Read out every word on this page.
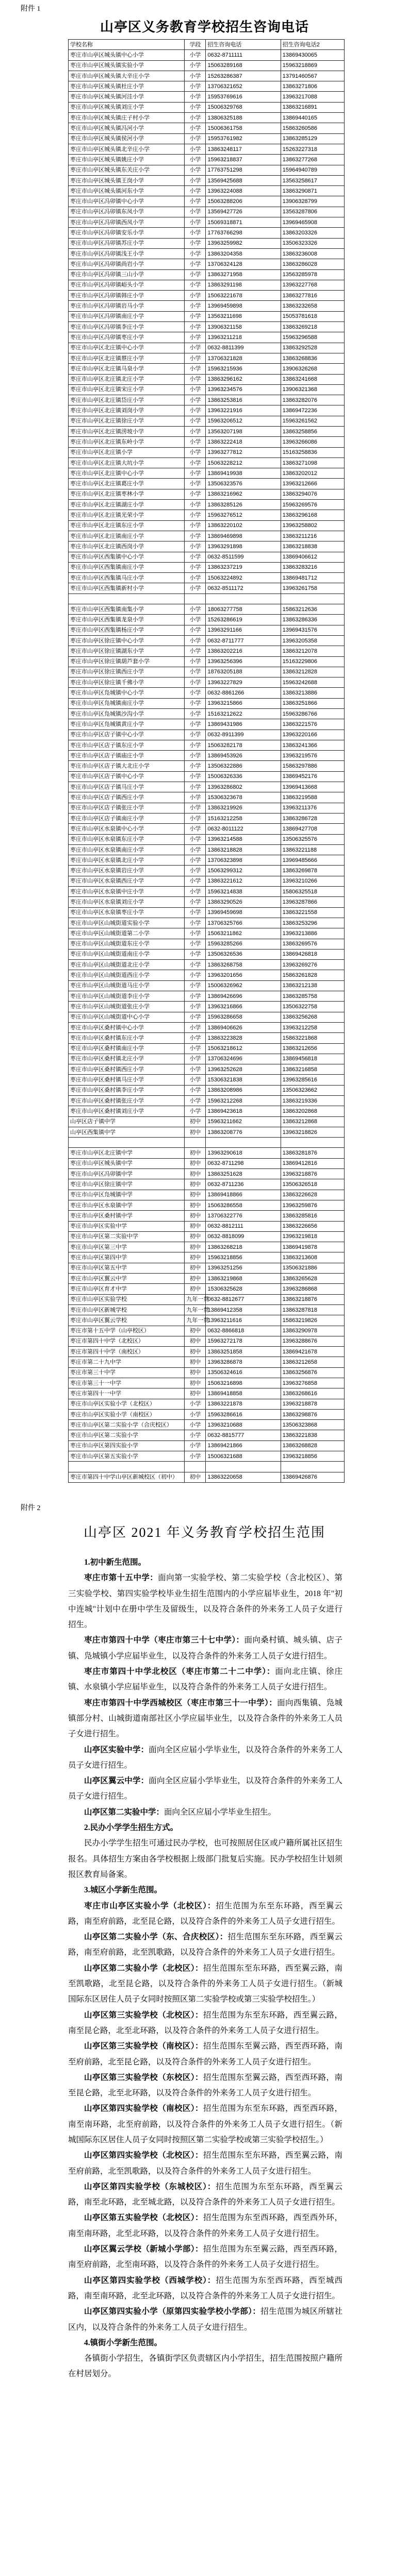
附件 1
山亭区义务教育学校招生咨询电话
学校名称	学段	招生咨询电话	招生咨询电话2
枣庄市山亭区城头镇中心小学	小学	0632-8711111	13869430065
枣庄市山亭区城头镇实验小学	小学	15063289168	15963218869
枣庄市山亭区城头镇大辛庄小学	小学	15263286387	13791460567
枣庄市山亭区城头镇杜庄小学	小学	13706321652	13863271806
枣庄市山亭区城头镇河洼小学	小学	15953769616	13963217088
枣庄市山亭区城头镇刘庄小学	小学	15006329768	13863216891
枣庄市山亭区城头镇庄子村小学	小学	13806325188	13869440165
枣庄市山亭区城头镇冯河小学	小学	15006361758	15863260586
枣庄市山亭区城头镇侯河小学	小学	15953761982	13863285129
枣庄市山亭区城头镇北辛庄小学	小学	13863248117	15263227318
枣庄市山亭区城头镇姚庄小学	小学	15963218837	13863277268
枣庄市山亭区城头镇东关庄小学	小学	17763751298	15964940789
枣庄市山亭区城头镇王岗小学	小学	13569425688	13563258617
枣庄市山亭区城头镇河东小学	小学	13963224088	13863290871
枣庄市山亭区冯卯镇中心小学	小学	15063288206	13906328799
枣庄市山亭区冯卯镇东凤小学	小学	13569427726	13563287806
枣庄市山亭区冯卯镇西凤小学	小学	15069318871	13969465908
枣庄市山亭区冯卯镇安乐小学	小学	17763766298	13863203326
枣庄市山亭区冯卯镇苏庄小学	小学	13963259982	13506323326
枣庄市山亭区冯卯镇浅王小学	小学	13863204358	13863236008
枣庄市山亭区冯卯镇尚岩小学	小学	13706324128	13863286028
枣庄市山亭区冯卯镇三山小学	小学	13863271958	13563285978
枣庄市山亭区冯卯镇峪头小学	小学	13863291198	13963227768
枣庄市山亭区冯卯镇韩庄小学	小学	15063221678	13863277816
枣庄市山亭区冯卯镇岩马小学	小学	13969459898	13863232658
枣庄市山亭区冯卯镇南庄小学	小学	13563211698	15053781618
枣庄市山亭区冯卯镇李庄小学	小学	13906321158	13863269218
枣庄市山亭区冯卯镇枣庄小学	小学	13963211218	15963296588
枣庄市山亭区北庄镇中心小学	小学	0632-8811399	13863292528
枣庄市山亭区北庄镇蔡庄小学	小学	13706321828	13863268836
枣庄市山亭区北庄镇马泉小学	小学	15963215936	13906326268
枣庄市山亭区北庄镇北庄小学	小学	13863296162	13863241668
枣庄市山亭区北庄镇宋庄小学	小学	13963234576	13906321368
枣庄市山亭区北庄镇岱庄小学	小学	13863253816	13863282076
枣庄市山亭区北庄镇刘岗小学	小学	13963221916	13869472236
枣庄市山亭区北庄镇徐庄小学	小学	15963206512	15963261562
枣庄市山亭区北庄镇涝坡小学	小学	13563207198	13863258856
枣庄市山亭区北庄镇东岭小学	小学	13863222418	13963266086
枣庄市山亭区北庄镇小学	小学	13963277812	15163258836
枣庄市山亭区北庄镇大坑小学	小学	15063228212	13863271098
枣庄市山亭区北庄镇中心小学	小学	13869419938	13863202012
枣庄市山亭区北庄镇葛庄小学	小学	13506323576	13963212666
枣庄市山亭区北庄镇枣林小学	小学	13863216962	13863294076
枣庄市山亭区北庄镇湖庄小学	小学	13863285126	15963269576
枣庄市山亭区北庄镇光荣小学	小学	15963276512	13863296168
枣庄市山亭区北庄镇东庄小学	小学	13863220102	13963258802
枣庄市山亭区北庄镇南庄小学	小学	13869469898	13863211216
枣庄市山亭区北庄镇西岗小学	小学	13963291898	13863218838
枣庄市山亭区西集镇中心小学	小学	0632-8511599	13869406612
枣庄市山亭区西集镇南庄小学	小学	13863237219	13863283216
枣庄市山亭区西集镇马庄小学	小学	15063224892	13869481712
枣庄市山亭区西集镇新村小学	小学	0632-8511172	13963261758

枣庄市山亭区西集镇南集小学	小学	18063277758	15863212636
枣庄市山亭区西集镇龙泉小学	小学	15263286619	13863286336
枣庄市山亭区西集镇杨庄小学	小学	13963291166	13969431576
枣庄市山亭区徐庄镇中心小学	小学	0632-8711777	13963205358
枣庄市山亭区徐庄镇湖东小学	小学	13863202216	13863212078
枣庄市山亭区徐庄镇葫芦套小学	小学	13963256396	15163229806
枣庄市山亭区徐庄镇西庄小学	小学	18763205188	13863212828
枣庄市山亭区徐庄镇千佛小学	小学	13963227829	15963242688
枣庄市山亭区凫城镇中心小学	小学	0632-8861266	13863213886
枣庄市山亭区凫城镇南庄小学	小学	13963215866	13863251866
枣庄市山亭区凫城镇沙沟小学	小学	15163212622	15963286766
枣庄市山亭区凫城镇黄庄小学	小学	13869431986	13863221576
枣庄市山亭区店子镇中心小学	小学	0632-8911399	13963220166
枣庄市山亭区店子镇东庄小学	小学	15063282178	13863241366
枣庄市山亭区店子镇庙庄小学	小学	13869453926	13963219576
枣庄市山亭区店子镇大北庄小学	小学	13506322886	15863297886
枣庄市山亭区店子镇中心小学	小学	15006326336	13869452176
枣庄市山亭区店子镇马庄小学	小学	13963286802	13969413668
枣庄市山亭区店子镇西庄小学	小学	15306323678	13863219588
枣庄市山亭区店子镇张庄小学	小学	13863219926	13963211376
枣庄市山亭区店子镇南庄小学	小学	15163212258	13863286728
枣庄市山亭区水泉镇中心小学	小学	0632-8011122	13869427708
枣庄市山亭区水泉镇东庄小学	小学	13963214588	13506325576
枣庄市山亭区水泉镇南庄小学	小学	13863218828	13863221188
枣庄市山亭区水泉镇北庄小学	小学	13706323898	13969485666
枣庄市山亭区水泉镇岩庄小学	小学	15063299312	13863269878
枣庄市山亭区水泉镇西庄小学	小学	13863221612	13963210266
枣庄市山亭区水泉镇中庄小学	小学	15963214838	15806325518
枣庄市山亭区水泉镇刘庄小学	小学	13863290526	13963287866
枣庄市山亭区水泉镇枣庄小学	小学	13969459698	13863221558
枣庄市山亭区山城街道实验小学	小学	13706325766	13863253296
枣庄市山亭区山城街道第二小学	小学	15063211862	13963213886
枣庄市山亭区山城街道东庄小学	小学	15963285266	13863269576
枣庄市山亭区山城街道南庄小学	小学	13506326536	13869426818
枣庄市山亭区山城街道北庄小学	小学	13863268758	13963269276
枣庄市山亭区山城街道西庄小学	小学	13963201656	15863261828
枣庄市山亭区山城街道马庄小学	小学	15006326962	13863212138
枣庄市山亭区山城街道李庄小学	小学	13869426696	13863285758
枣庄市山亭区山城街道张庄小学	小学	13963216866	13506322758
枣庄市山亭区山城街道中心小学	小学	15963286658	13863256268
枣庄市山亭区桑村镇中心小学	小学	13869406626	13963212258
枣庄市山亭区桑村镇东庄小学	小学	13863223828	15863221868
枣庄市山亭区桑村镇南庄小学	小学	15063218612	13863212656
枣庄市山亭区桑村镇北庄小学	小学	13706324696	13869456818
枣庄市山亭区桑村镇西庄小学	小学	13963252628	13863216858
枣庄市山亭区桑村镇马庄小学	小学	15306321838	13963285616
枣庄市山亭区桑村镇李庄小学	小学	13863208986	13506323662
枣庄市山亭区桑村镇张庄小学	小学	15963212268	13863219336
枣庄市山亭区桑村镇刘庄小学	小学	13869423618	13863202868
山亭区店子镇中学	初中	15963211662	13863212868
山亭区西集镇中学	初中	13863208776	13963218826

枣庄市山亭区北庄镇中学	初中	13963290618	13863281876
枣庄市山亭区城头镇中学	初中	0632-8711298	13869412816
枣庄市山亭区冯卯镇中学	初中	13863251628	13963218876
枣庄市山亭区徐庄镇中学	初中	0632-8711236	13506326518
枣庄市山亭区凫城镇中学	初中	13869418866	13863226628
枣庄市山亭区水泉镇中学	初中	15063286558	13963259876
枣庄市山亭区桑村镇中学	初中	13706322776	13863285816
枣庄市山亭区实验中学	初中	0632-8812111	13863226656
枣庄市山亭区第二实验中学	初中	0632-8818099	13963219818
枣庄市山亭区第三中学	初中	13863268218	13869419878
枣庄市山亭区第四中学	初中	15963218856	13863213608
枣庄市山亭区第五中学	初中	13963251256	13506321886
枣庄市山亭区翼云中学	初中	13863219868	13863265628
枣庄市山亭区育才中学	初中	15306325628	13963286868
枣庄市山亭区实验学校	九年一贯	0632-8812677	13863218876
枣庄市山亭区新城学校	九年一贯	13869412358	13863287818
枣庄市山亭区翼云学校	九年一贯	13963211616	15863219826
枣庄市第十五中学（山亭校区）	初中	0632-8866818	13863290978
枣庄市第四十中学（北校区）	初中	15963272178	13963288676
枣庄市第四十中学（南校区）	初中	13863251858	13869421678
枣庄市第二十九中学	初中	13963286878	13863212658
枣庄市第三十中学	初中	13506324616	13863256876
枣庄市第三十一中学	初中	15063216898	13963276858
枣庄市第四十一中学	初中	13869418858	13863268616
枣庄市山亭区实验小学（北校区）	小学	13863221878	13963218878
枣庄市山亭区实验小学（南校区）	小学	15963286616	13863298876
枣庄市山亭区第二实验小学（合庆校区）	小学	13963210688	13506323868
枣庄市山亭区第二实验小学	小学	0632-8815777	13863221838
枣庄市山亭区第四实验小学	小学	13869421866	13863268828
枣庄市山亭区第五实验小学	小学	15006321688	13963218856

枣庄市第四十中学山亭区新城校区（初中）	初中	13863220658	13869426876
附件 2
山亭区 2021 年义务教育学校招生范围

1.初中新生范围。

枣庄市第十五中学：面向第一实验学校、第二实验学校（含北校区）、第三实验学校、第四实验学校毕业生招生范围内的小学应届毕业生，2018 年"初中连城"计划中在册中学生及留级生，以及符合条件的外来务工人员子女进行招生。

枣庄市第四十中学（枣庄市第三十七中学）：面向桑村镇、城头镇、店子镇、凫城镇小学应届毕业生，以及符合条件的外来务工人员子女进行招生。

枣庄市第四十中学北校区（枣庄市第二十二中学）：面向北庄镇、徐庄镇、水泉镇小学应届毕业生，以及符合条件的外来务工人员子女进行招生。

枣庄市第四十中学西城校区（枣庄市第三十一中学）：面向西集镇、凫城镇部分村、山城街道南部社区小学应届毕业生，以及符合条件的外来务工人员子女进行招生。

山亭区实验中学：面向全区应届小学毕业生，以及符合条件的外来务工人员子女进行招生。

山亭区翼云中学：面向全区应届小学毕业生，以及符合条件的外来务工人员子女进行招生。

山亭区第二实验中学：面向全区应届小学毕业生招生。

2.民办小学学生招生方式。

民办小学学生招生可通过民办学校，也可按照居住区或户籍所属社区招生报名。具体招生方案由各学校根据上级部门批复后实施。民办学校招生计划须报区教育局备案。

3.城区小学新生范围。

枣庄市山亭区实验小学（北校区）：招生范围为东至东环路，西至翼云路，南至府前路，北至昆仑路，以及符合条件的外来务工人员子女进行招生。

山亭区第二实验小学（东、合庆校区）：招生范围东至东环路，西至翼云路，南至府前路，北至凯歌路，以及符合条件的外来务工人员子女进行招生。

山亭区第二实验小学（北校区）：招生范围东至东环路，西至翼云路，南至凯歌路，北至昆仑路，以及符合条件的外来务工人员子女进行招生。（新城国际东区居住人员子女同时按照区第二实验学校或第三实验学校招生。）

山亭区第三实验学校（北校区）：招生范围为东至东环路，西至翼云路，南至昆仑路，北至北环路，以及符合条件的外来务工人员子女进行招生。

山亭区第三实验学校（南校区）：招生范围东至翼云路，西至西环路，南至府前路，北至昆仑路，以及符合条件的外来务工人员子女进行招生。

山亭区第三实验学校（东校区）：招生范围东至翼云路，西至西环路，南至昆仑路，北至北环路，以及符合条件的外来务工人员子女进行招生。

山亭区第四实验学校（南校区）：招生范围为东至东环路，西至西环路，南至南环路，北至府前路，以及符合条件的外来务工人员子女进行招生。（新城国际东区居住人员子女同时按照区第二实验学校或第三实验学校招生。）

山亭区第四实验学校（北校区）：招生范围东至东环路，西至翼云路，南至府前路，北至凯歌路，以及符合条件的外来务工人员子女进行招生。

山亭区第四实验学校（东城校区）：招生范围为东至东环路，西至翼云路，南至北环路，北至城北路，以及符合条件的外来务工人员子女进行招生。

山亭区第五实验学校（北校区）：招生范围为东至西环路，西至西外环，南至南环路，北至北环路，以及符合条件的外来务工人员子女进行招生。

山亭区翼云学校（新城小学部）：招生范围为东至翼云路，西至西环路，南至府前路，北至南环路，以及符合条件的外来务工人员子女进行招生。

山亭区第四实验学校（西城学校）：招生范围为东至西环路，西至城西路，南至南环路，北至北环路，以及符合条件的外来务工人员子女进行招生。

山亭区第四实验小学（原第四实验学校小学部）：招生范围为城区所辖社区内，以及符合条件的外来务工人员子女进行招生。

4.镇街小学新生范围。

各镇街小学招生，各镇街学区负责辖区内小学招生，招生范围按照户籍所在村居划分。
